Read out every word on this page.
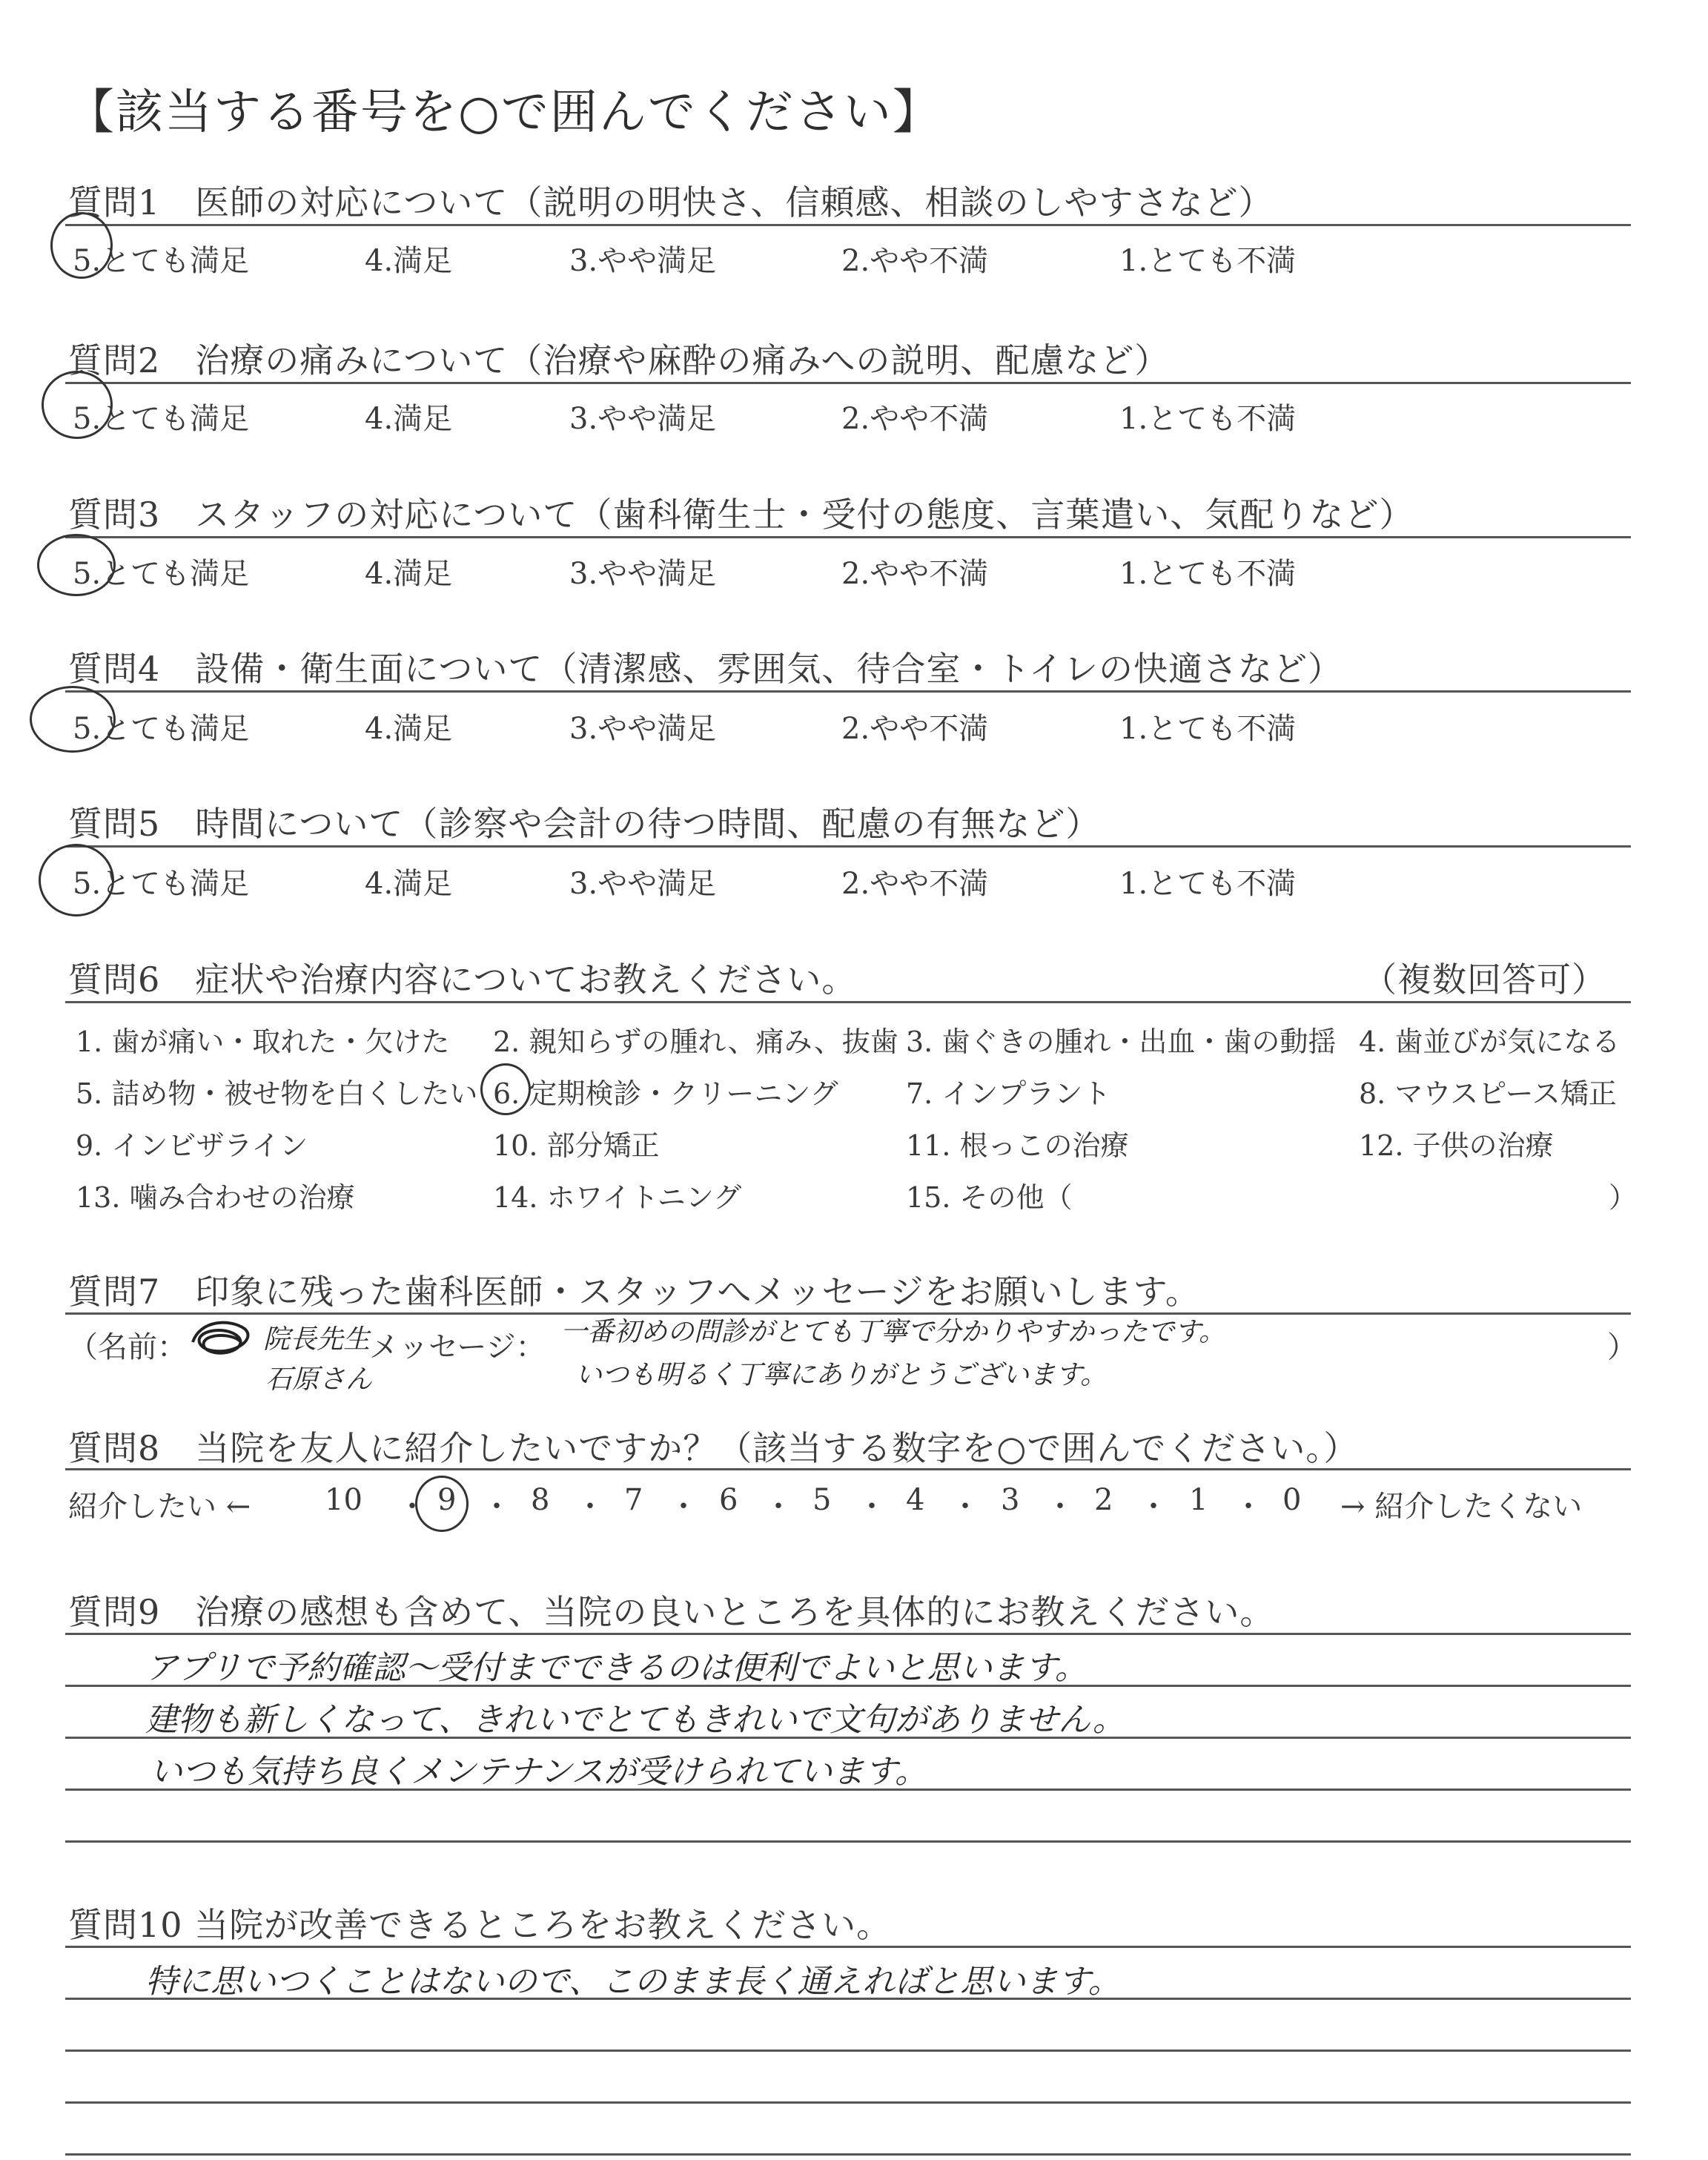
【該当する番号を○で囲んでください】
質問1　医師の対応について（説明の明快さ、信頼感、相談のしやすさなど）
5.とても満足	4.満足	3.やや満足	2.やや不満	1.とても不満
質問2　治療の痛みについて（治療や麻酔の痛みへの説明、配慮など）
5.とても満足	4.満足	3.やや満足	2.やや不満	1.とても不満
質問3　スタッフの対応について（歯科衛生士・受付の態度、言葉遣い、気配りなど）
5.とても満足	4.満足	3.やや満足	2.やや不満	1.とても不満
質問4　設備・衛生面について（清潔感、雰囲気、待合室・トイレの快適さなど）
5.とても満足	4.満足	3.やや満足	2.やや不満	1.とても不満
質問5　時間について（診察や会計の待つ時間、配慮の有無など）
5.とても満足	4.満足	3.やや満足	2.やや不満	1.とても不満
質問6　症状や治療内容についてお教えください。	（複数回答可）
1. 歯が痛い・取れた・欠けた 2. 親知らずの腫れ、痛み、抜歯 3. 歯ぐきの腫れ・出血・歯の動揺 4. 歯並びが気になる
5. 詰め物・被せ物を白くしたい 6. 定期検診・クリーニング 7. インプラント	8. マウスピース矯正
9. インビザライン	10. 部分矯正	11. 根っこの治療	12. 子供の治療
13. 噛み合わせの治療	14. ホワイトニング	15. その他（	）
質問7　印象に残った歯科医師・スタッフへメッセージをお願いします。
（名前：	院長先生
石原さん
メッセージ： 一番初めの問診がとても丁寧で分かりやすかったです。
いつも明るく丁寧にありがとうございます。
）
質問8　当院を友人に紹介したいですか？（該当する数字を○で囲んでください。）
紹介したい ← 10 ・ 9 ・ 8 ・ 7 ・ 6 ・ 5 ・ 4 ・ 3 ・ 2 ・ 1 ・ 0 → 紹介したくない
質問9　治療の感想も含めて、当院の良いところを具体的にお教えください。
アプリで予約確認〜受付までできるのは便利でよいと思います。
建物も新しくなって、きれいでとてもきれいで文句がありません。
いつも気持ち良くメンテナンスが受けられています。
質問10 当院が改善できるところをお教えください。
特に思いつくことはないので、このまま長く通えればと思います。
